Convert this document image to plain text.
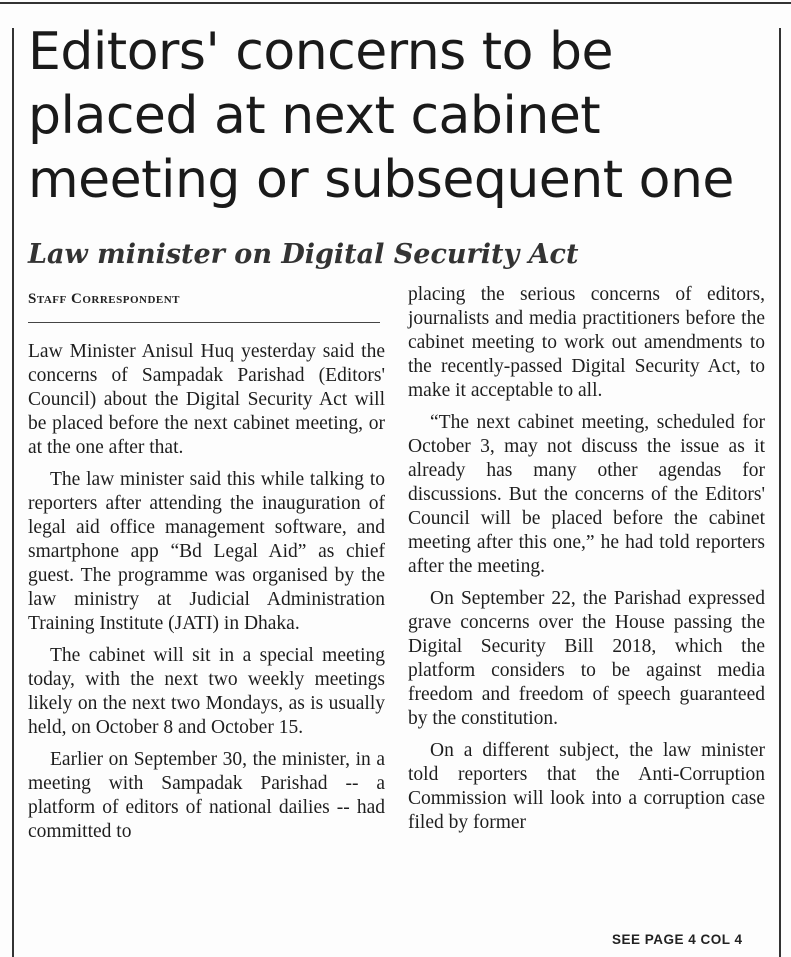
Editors' concerns to be placed at next cabinet meeting or subsequent one
Law minister on Digital Security Act
Staff Correspondent

Law Minister Anisul Huq yesterday said the concerns of Sampadak Parishad (Editors' Council) about the Digital Security Act will be placed before the next cabinet meeting, or at the one after that.

The law minister said this while talking to reporters after attending the inauguration of legal aid office management software, and smartphone app “Bd Legal Aid” as chief guest. The programme was organised by the law ministry at Judicial Administration Training Institute (JATI) in Dhaka.

The cabinet will sit in a special meeting today, with the next two weekly meetings likely on the next two Mondays, as is usually held, on October 8 and October 15.

Earlier on September 30, the minister, in a meeting with Sampadak Parishad -- a platform of editors of national dailies -- had committed to

placing the serious concerns of editors, journalists and media practitioners before the cabinet meeting to work out amendments to the recently-passed Digital Security Act, to make it acceptable to all.

“The next cabinet meeting, scheduled for October 3, may not discuss the issue as it already has many other agendas for discussions. But the concerns of the Editors' Council will be placed before the cabinet meeting after this one,” he had told reporters after the meeting.

On September 22, the Parishad expressed grave concerns over the House passing the Digital Security Bill 2018, which the platform considers to be against media freedom and freedom of speech guaranteed by the constitution.

On a different subject, the law minister told reporters that the Anti-Corruption Commission will look into a corruption case filed by former

SEE PAGE 4 COL 4
